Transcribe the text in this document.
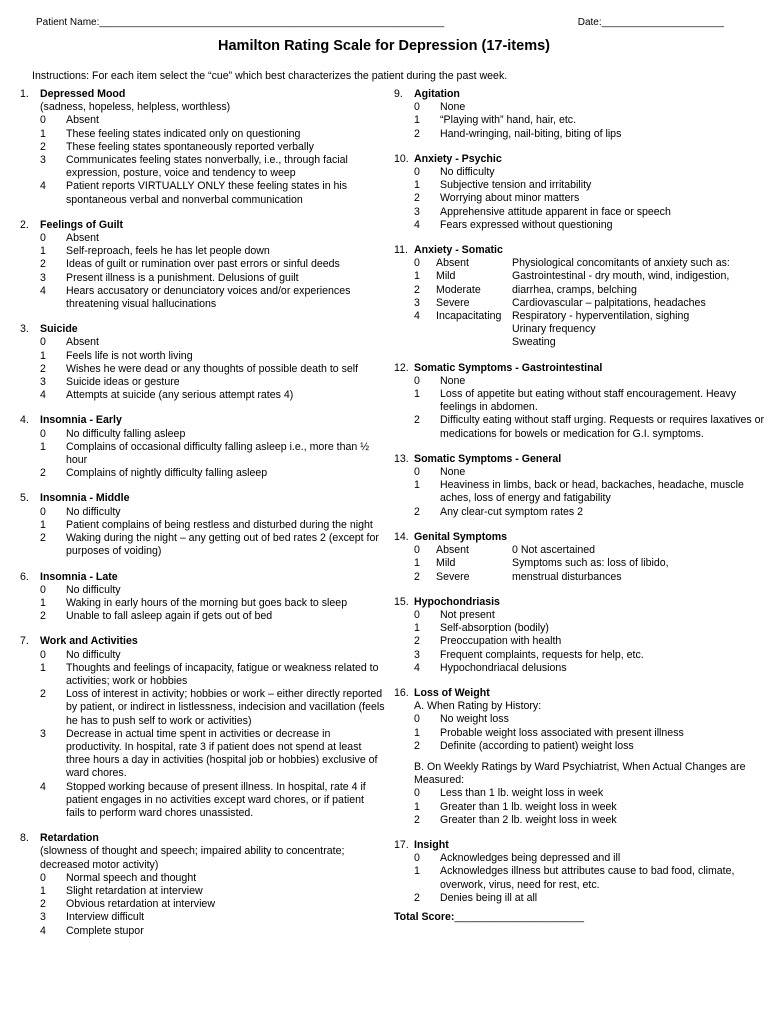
Patient Name:______________________________________________________________	Date:______________________
Hamilton Rating Scale for Depression (17-items)
Instructions: For each item select the “cue” which best characterizes the patient during the past week.
1.	Depressed Mood
(sadness, hopeless, helpless, worthless)
0	Absent
1	These feeling states indicated only on questioning
2	These feeling states spontaneously reported verbally
3	Communicates feeling states nonverbally, i.e., through facial expression, posture, voice and tendency to weep
4	Patient reports VIRTUALLY ONLY these feeling states in his spontaneous verbal and nonverbal communication
2.	Feelings of Guilt
0	Absent
1	Self-reproach, feels he has let people down
2	Ideas of guilt or rumination over past errors or sinful deeds
3	Present illness is a punishment. Delusions of guilt
4	Hears accusatory or denunciatory voices and/or experiences threatening visual hallucinations
3.	Suicide
0	Absent
1	Feels life is not worth living
2	Wishes he were dead or any thoughts of possible death to self
3	Suicide ideas or gesture
4	Attempts at suicide (any serious attempt rates 4)
4.	Insomnia - Early
0	No difficulty falling asleep
1	Complains of occasional difficulty falling asleep i.e., more than ½ hour
2	Complains of nightly difficulty falling asleep
5.	Insomnia - Middle
0	No difficulty
1	Patient complains of being restless and disturbed during the night
2	Waking during the night – any getting out of bed rates 2 (except for purposes of voiding)
6.	Insomnia - Late
0	No difficulty
1	Waking in early hours of the morning but goes back to sleep
2	Unable to fall asleep again if gets out of bed
7.	Work and Activities
0	No difficulty
1	Thoughts and feelings of incapacity, fatigue or weakness related to activities; work or hobbies
2	Loss of interest in activity; hobbies or work – either directly reported by patient, or indirect in listlessness, indecision and vacillation (feels he has to push self to work or activities)
3	Decrease in actual time spent in activities or decrease in productivity. In hospital, rate 3 if patient does not spend at least three hours a day in activities (hospital job or hobbies) exclusive of ward chores.
4	Stopped working because of present illness. In hospital, rate 4 if patient engages in no activities except ward chores, or if patient fails to perform ward chores unassisted.
8.	Retardation
(slowness of thought and speech; impaired ability to concentrate; decreased motor activity)
0	Normal speech and thought
1	Slight retardation at interview
2	Obvious retardation at interview
3	Interview difficult
4	Complete stupor
9.	Agitation
0	None
1	“Playing with” hand, hair, etc.
2	Hand-wringing, nail-biting, biting of lips
10. Anxiety - Psychic
0	No difficulty
1	Subjective tension and irritability
2	Worrying about minor matters
3	Apprehensive attitude apparent in face or speech
4	Fears expressed without questioning
11. Anxiety - Somatic
0	Absent	Physiological concomitants of anxiety such as:
1	Mild	Gastrointestinal - dry mouth, wind, indigestion,
2	Moderate	diarrhea, cramps, belching
3	Severe	Cardiovascular – palpitations, headaches
4	Incapacitating	Respiratory - hyperventilation, sighing
Urinary frequency
Sweating
12. Somatic Symptoms - Gastrointestinal
0	None
1	Loss of appetite but eating without staff encouragement. Heavy feelings in abdomen.
2	Difficulty eating without staff urging. Requests or requires laxatives or medications for bowels or medication for G.I. symptoms.
13. Somatic Symptoms - General
0	None
1	Heaviness in limbs, back or head, backaches, headache, muscle aches, loss of energy and fatigability
2	Any clear-cut symptom rates 2
14. Genital Symptoms
0	Absent	0 Not ascertained
1	Mild	Symptoms such as: loss of libido,
2	Severe	menstrual disturbances
15. Hypochondriasis
0	Not present
1	Self-absorption (bodily)
2	Preoccupation with health
3	Frequent complaints, requests for help, etc.
4	Hypochondriacal delusions
16. Loss of Weight
A. When Rating by History:
0	No weight loss
1	Probable weight loss associated with present illness
2	Definite (according to patient) weight loss
B. On Weekly Ratings by Ward Psychiatrist, When Actual Changes are Measured:
0	Less than 1 lb. weight loss in week
1	Greater than 1 lb. weight loss in week
2	Greater than 2 lb. weight loss in week
17. Insight
0	Acknowledges being depressed and ill
1	Acknowledges illness but attributes cause to bad food, climate, overwork, virus, need for rest, etc.
2	Denies being ill at all
Total Score:______________________
